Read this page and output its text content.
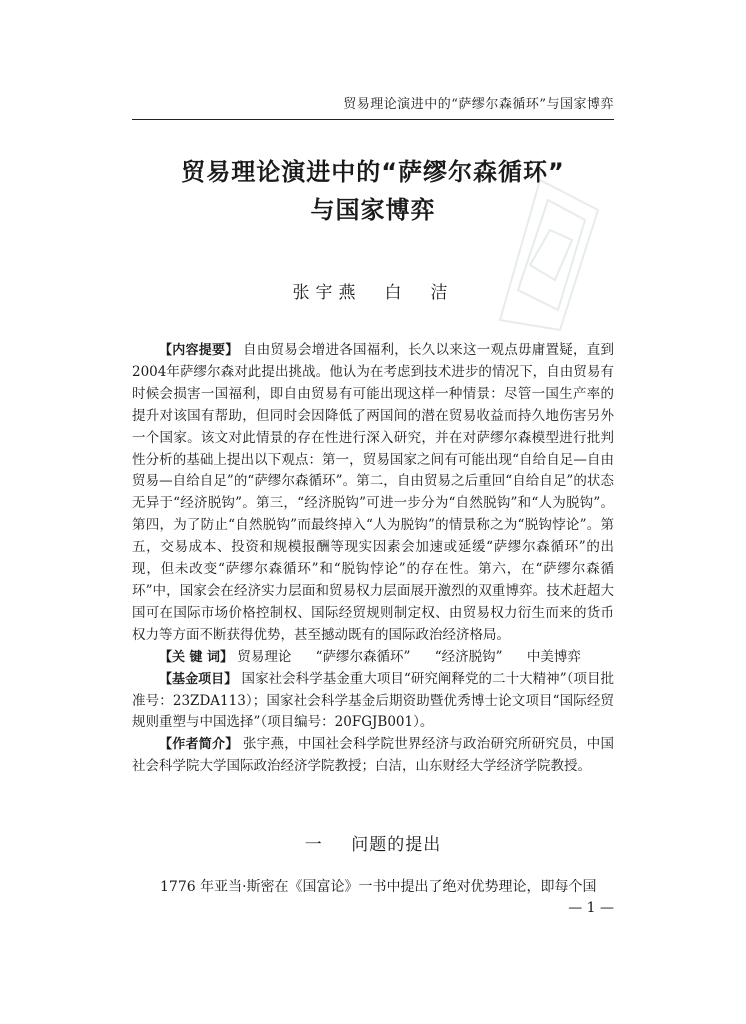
贸易理论演进中的“萨缪尔森循环”与国家博弈
贸易理论演进中的“萨缪尔森循环”
与国家博弈
张宇燕　白　洁

【内容提要】 自由贸易会增进各国福利，长久以来这一观点毋庸置疑，直到2004年萨缪尔森对此提出挑战。他认为在考虑到技术进步的情况下，自由贸易有时候会损害一国福利，即自由贸易有可能出现这样一种情景：尽管一国生产率的提升对该国有帮助，但同时会因降低了两国间的潜在贸易收益而持久地伤害另外一个国家。该文对此情景的存在性进行深入研究，并在对萨缪尔森模型进行批判性分析的基础上提出以下观点：第一，贸易国家之间有可能出现“自给自足—自由贸易—自给自足”的“萨缪尔森循环”。第二，自由贸易之后重回“自给自足”的状态无异于“经济脱钩”。第三，“经济脱钩”可进一步分为“自然脱钩”和“人为脱钩”。第四，为了防止“自然脱钩”而最终掉入“人为脱钩”的情景称之为“脱钩悖论”。第五，交易成本、投资和规模报酬等现实因素会加速或延缓“萨缪尔森循环”的出现，但未改变“萨缪尔森循环”和“脱钩悖论”的存在性。第六，在“萨缪尔森循环”中，国家会在经济实力层面和贸易权力层面展开激烈的双重博弈。技术赶超大国可在国际市场价格控制权、国际经贸规则制定权、由贸易权力衍生而来的货币权力等方面不断获得优势，甚至撼动既有的国际政治经济格局。

【关 键 词】 贸易理论 “萨缪尔森循环” “经济脱钩” 中美博弈

【基金项目】 国家社会科学基金重大项目“研究阐释党的二十大精神”（项目批准号：23ZDA113）；国家社会科学基金后期资助暨优秀博士论文项目“国际经贸规则重塑与中国选择”（项目编号：20FGJB001）。

【作者简介】 张宇燕，中国社会科学院世界经济与政治研究所研究员，中国社会科学院大学国际政治经济学院教授；白洁，山东财经大学经济学院教授。

一 问题的提出
1776 年亚当·斯密在《国富论》一书中提出了绝对优势理论，即每个国
— 1 —
